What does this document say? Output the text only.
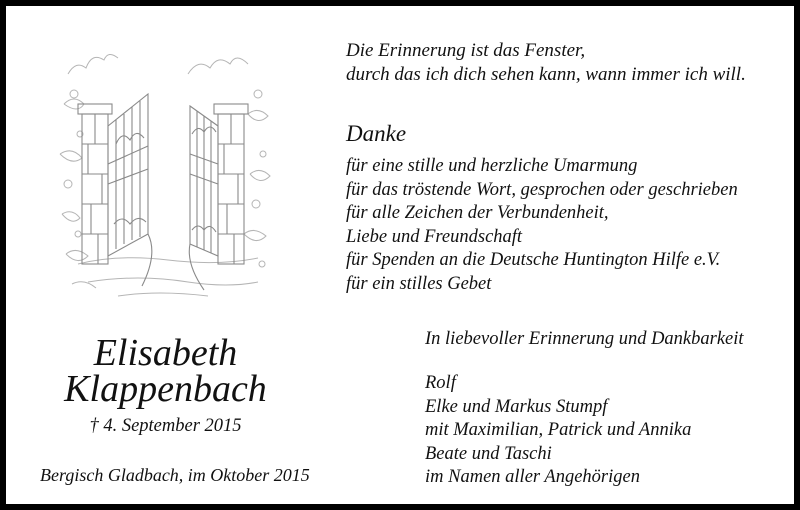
Die Erinnerung ist das Fenster,
durch das ich dich sehen kann, wann immer ich will.
Danke
für eine stille und herzliche Umarmung
für das tröstende Wort, gesprochen oder geschrieben
für alle Zeichen der Verbundenheit,
Liebe und Freundschaft
für Spenden an die Deutsche Huntington Hilfe e.V.
für ein stilles Gebet
Elisabeth
Klappenbach
† 4. September 2015
Bergisch Gladbach, im Oktober 2015
In liebevoller Erinnerung und Dankbarkeit
Rolf
Elke und Markus Stumpf
mit Maximilian, Patrick und Annika
Beate und Taschi
im Namen aller Angehörigen
